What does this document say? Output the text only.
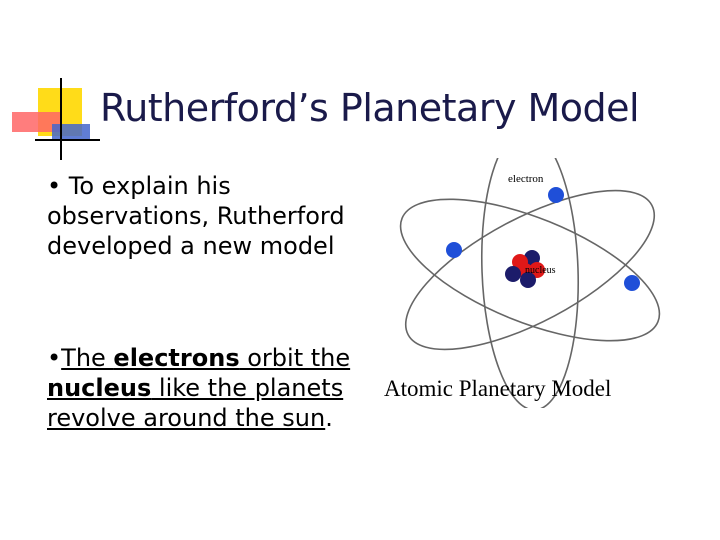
Rutherford’s Planetary Model
• To explain his observations, Rutherford developed a new model
•The electrons orbit the nucleus like the planets revolve around the sun.
nucleus
electron
Atomic Planetary Model
